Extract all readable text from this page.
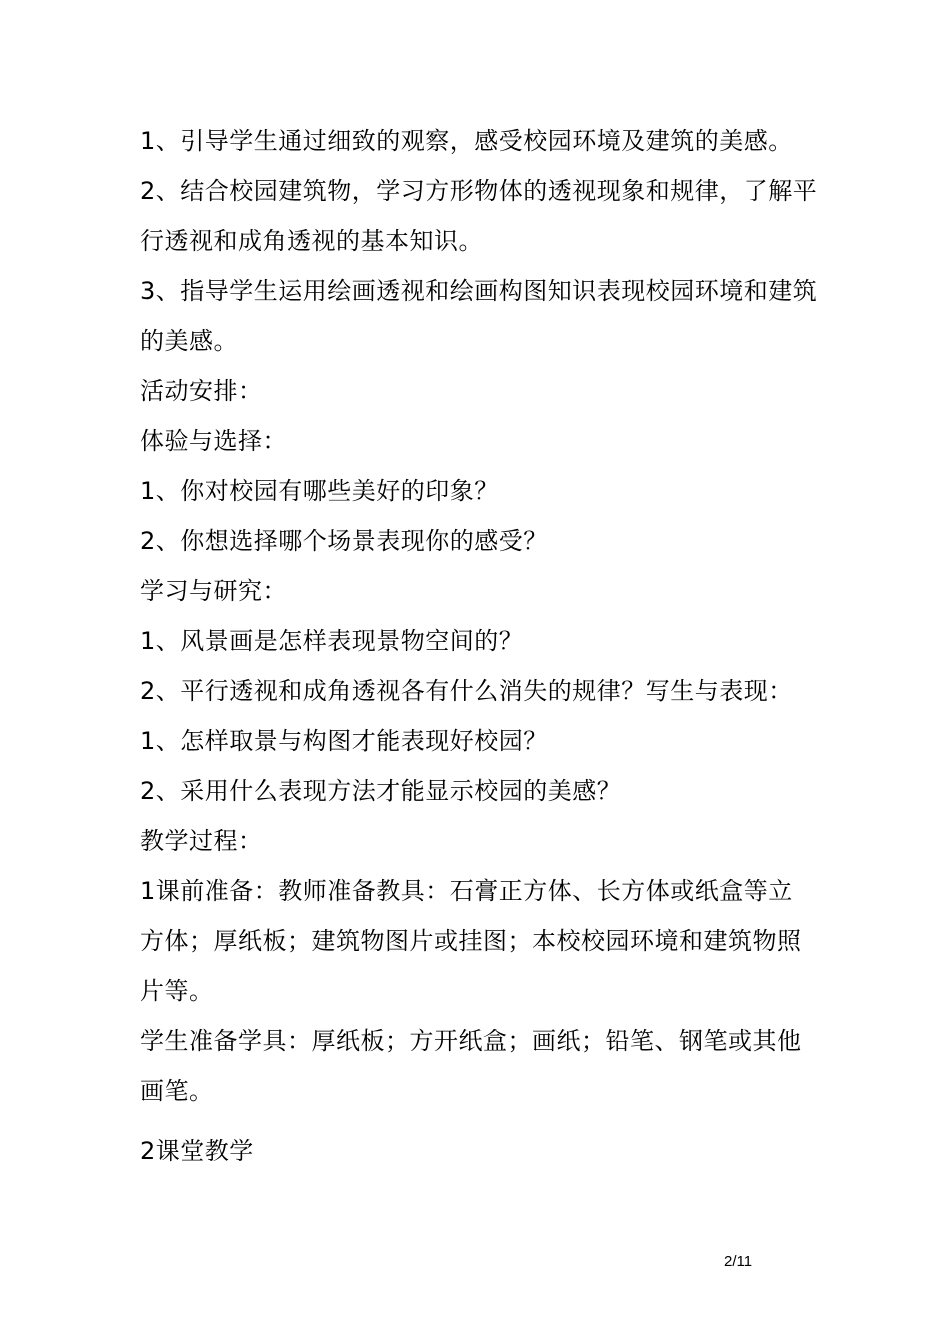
1、引导学生通过细致的观察，感受校园环境及建筑的美感。
2、结合校园建筑物，学习方形物体的透视现象和规律，了解平
行透视和成角透视的基本知识。
3、指导学生运用绘画透视和绘画构图知识表现校园环境和建筑
的美感。
活动安排：
体验与选择：
1、你对校园有哪些美好的印象？
2、你想选择哪个场景表现你的感受？
学习与研究：
1、风景画是怎样表现景物空间的？
2、平行透视和成角透视各有什么消失的规律？写生与表现：
1、怎样取景与构图才能表现好校园？
2、采用什么表现方法才能显示校园的美感？
教学过程：
1课前准备：教师准备教具：石膏正方体、长方体或纸盒等立
方体；厚纸板；建筑物图片或挂图；本校校园环境和建筑物照
片等。
学生准备学具：厚纸板；方开纸盒；画纸；铅笔、钢笔或其他
画笔。
2课堂教学
2/11
